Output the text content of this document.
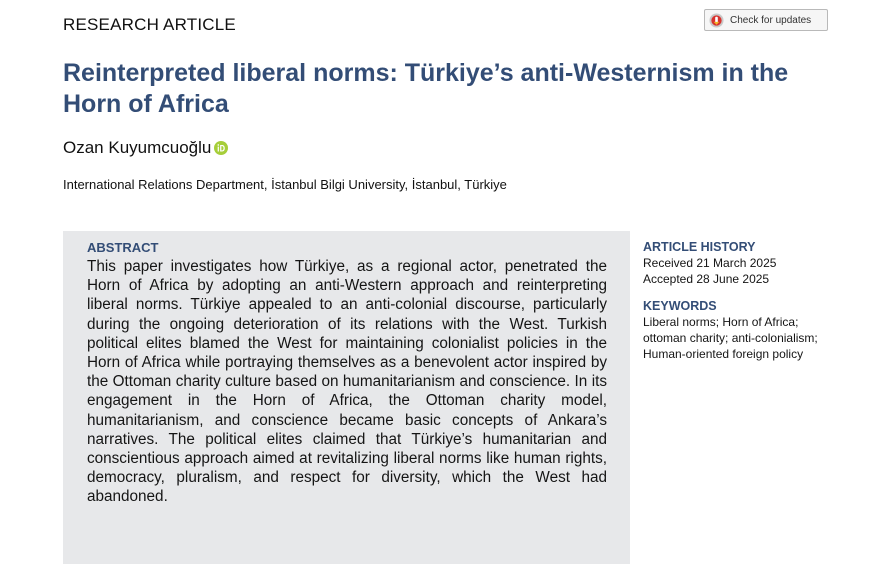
RESEARCH ARTICLE	Check for updates
Reinterpreted liberal norms: Türkiye’s anti-Westernism in the Horn of Africa
Ozan Kuyumcuoğlu
International Relations Department, İstanbul Bilgi University, İstanbul, Türkiye
ABSTRACT

This paper investigates how Türkiye, as a regional actor, penetrated the Horn of Africa by adopting an anti-Western approach and reinterpreting liberal norms. Türkiye appealed to an anti-colonial discourse, particularly during the ongoing deterioration of its relations with the West. Turkish political elites blamed the West for maintaining colonialist policies in the Horn of Africa while portraying themselves as a benevolent actor inspired by the Ottoman charity culture based on humanitarianism and conscience. In its engagement in the Horn of Africa, the Ottoman charity model, humanitarianism, and conscience became basic concepts of Ankara’s narratives. The political elites claimed that Türkiye’s humanitarian and conscientious approach aimed at revitalizing liberal norms like human rights, democracy, pluralism, and respect for diversity, which the West had abandoned.

ARTICLE HISTORY
Received 21 March 2025
Accepted 28 June 2025
KEYWORDS
Liberal norms; Horn of Africa; ottoman charity; anti-colonialism; Human-oriented foreign policy
